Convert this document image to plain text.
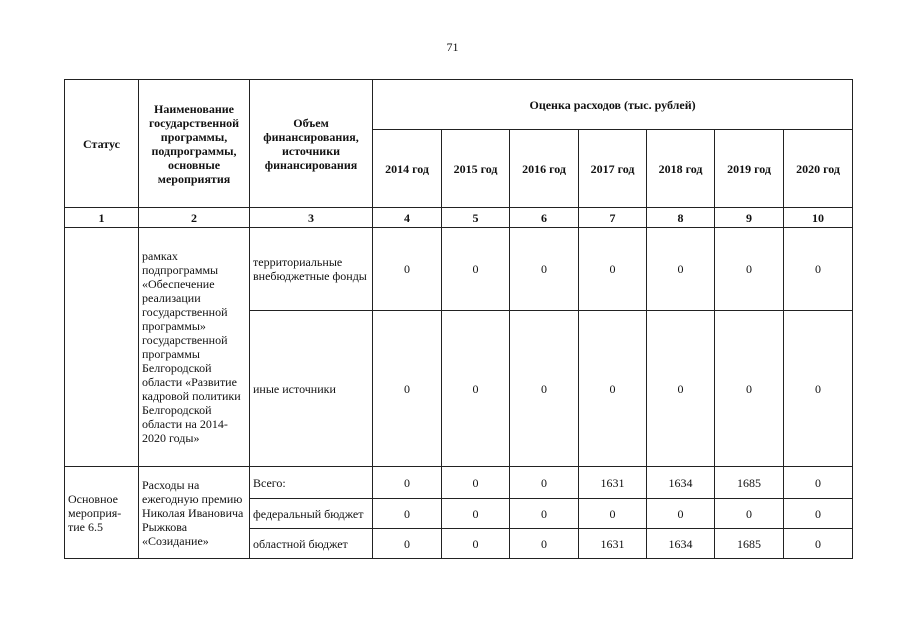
71
Статус	Наименование государственной программы, подпрограммы, основные мероприятия	Объем финансирования, источники финансирования	Оценка расходов (тыс. рублей)						
			2014 год	2015 год	2016 год	2017 год	2018 год	2019 год	2020 год
1	2	3	4	5	6	7	8	9	10
	рамках подпрограммы «Обеспечение реализации государственной программы» государственной программы Белгородской области «Развитие кадровой политики Белгородской области на 2014-2020 годы»	территориальные внебюджетные фонды	0	0	0	0	0	0	0
		иные источники	0	0	0	0	0	0	0
Основное мероприя-тие 6.5	Расходы на ежегодную премию Николая Ивановича Рыжкова «Созидание»	Всего:	0	0	0	1631	1634	1685	0
		федеральный бюджет	0	0	0	0	0	0	0
		областной бюджет	0	0	0	1631	1634	1685	0
